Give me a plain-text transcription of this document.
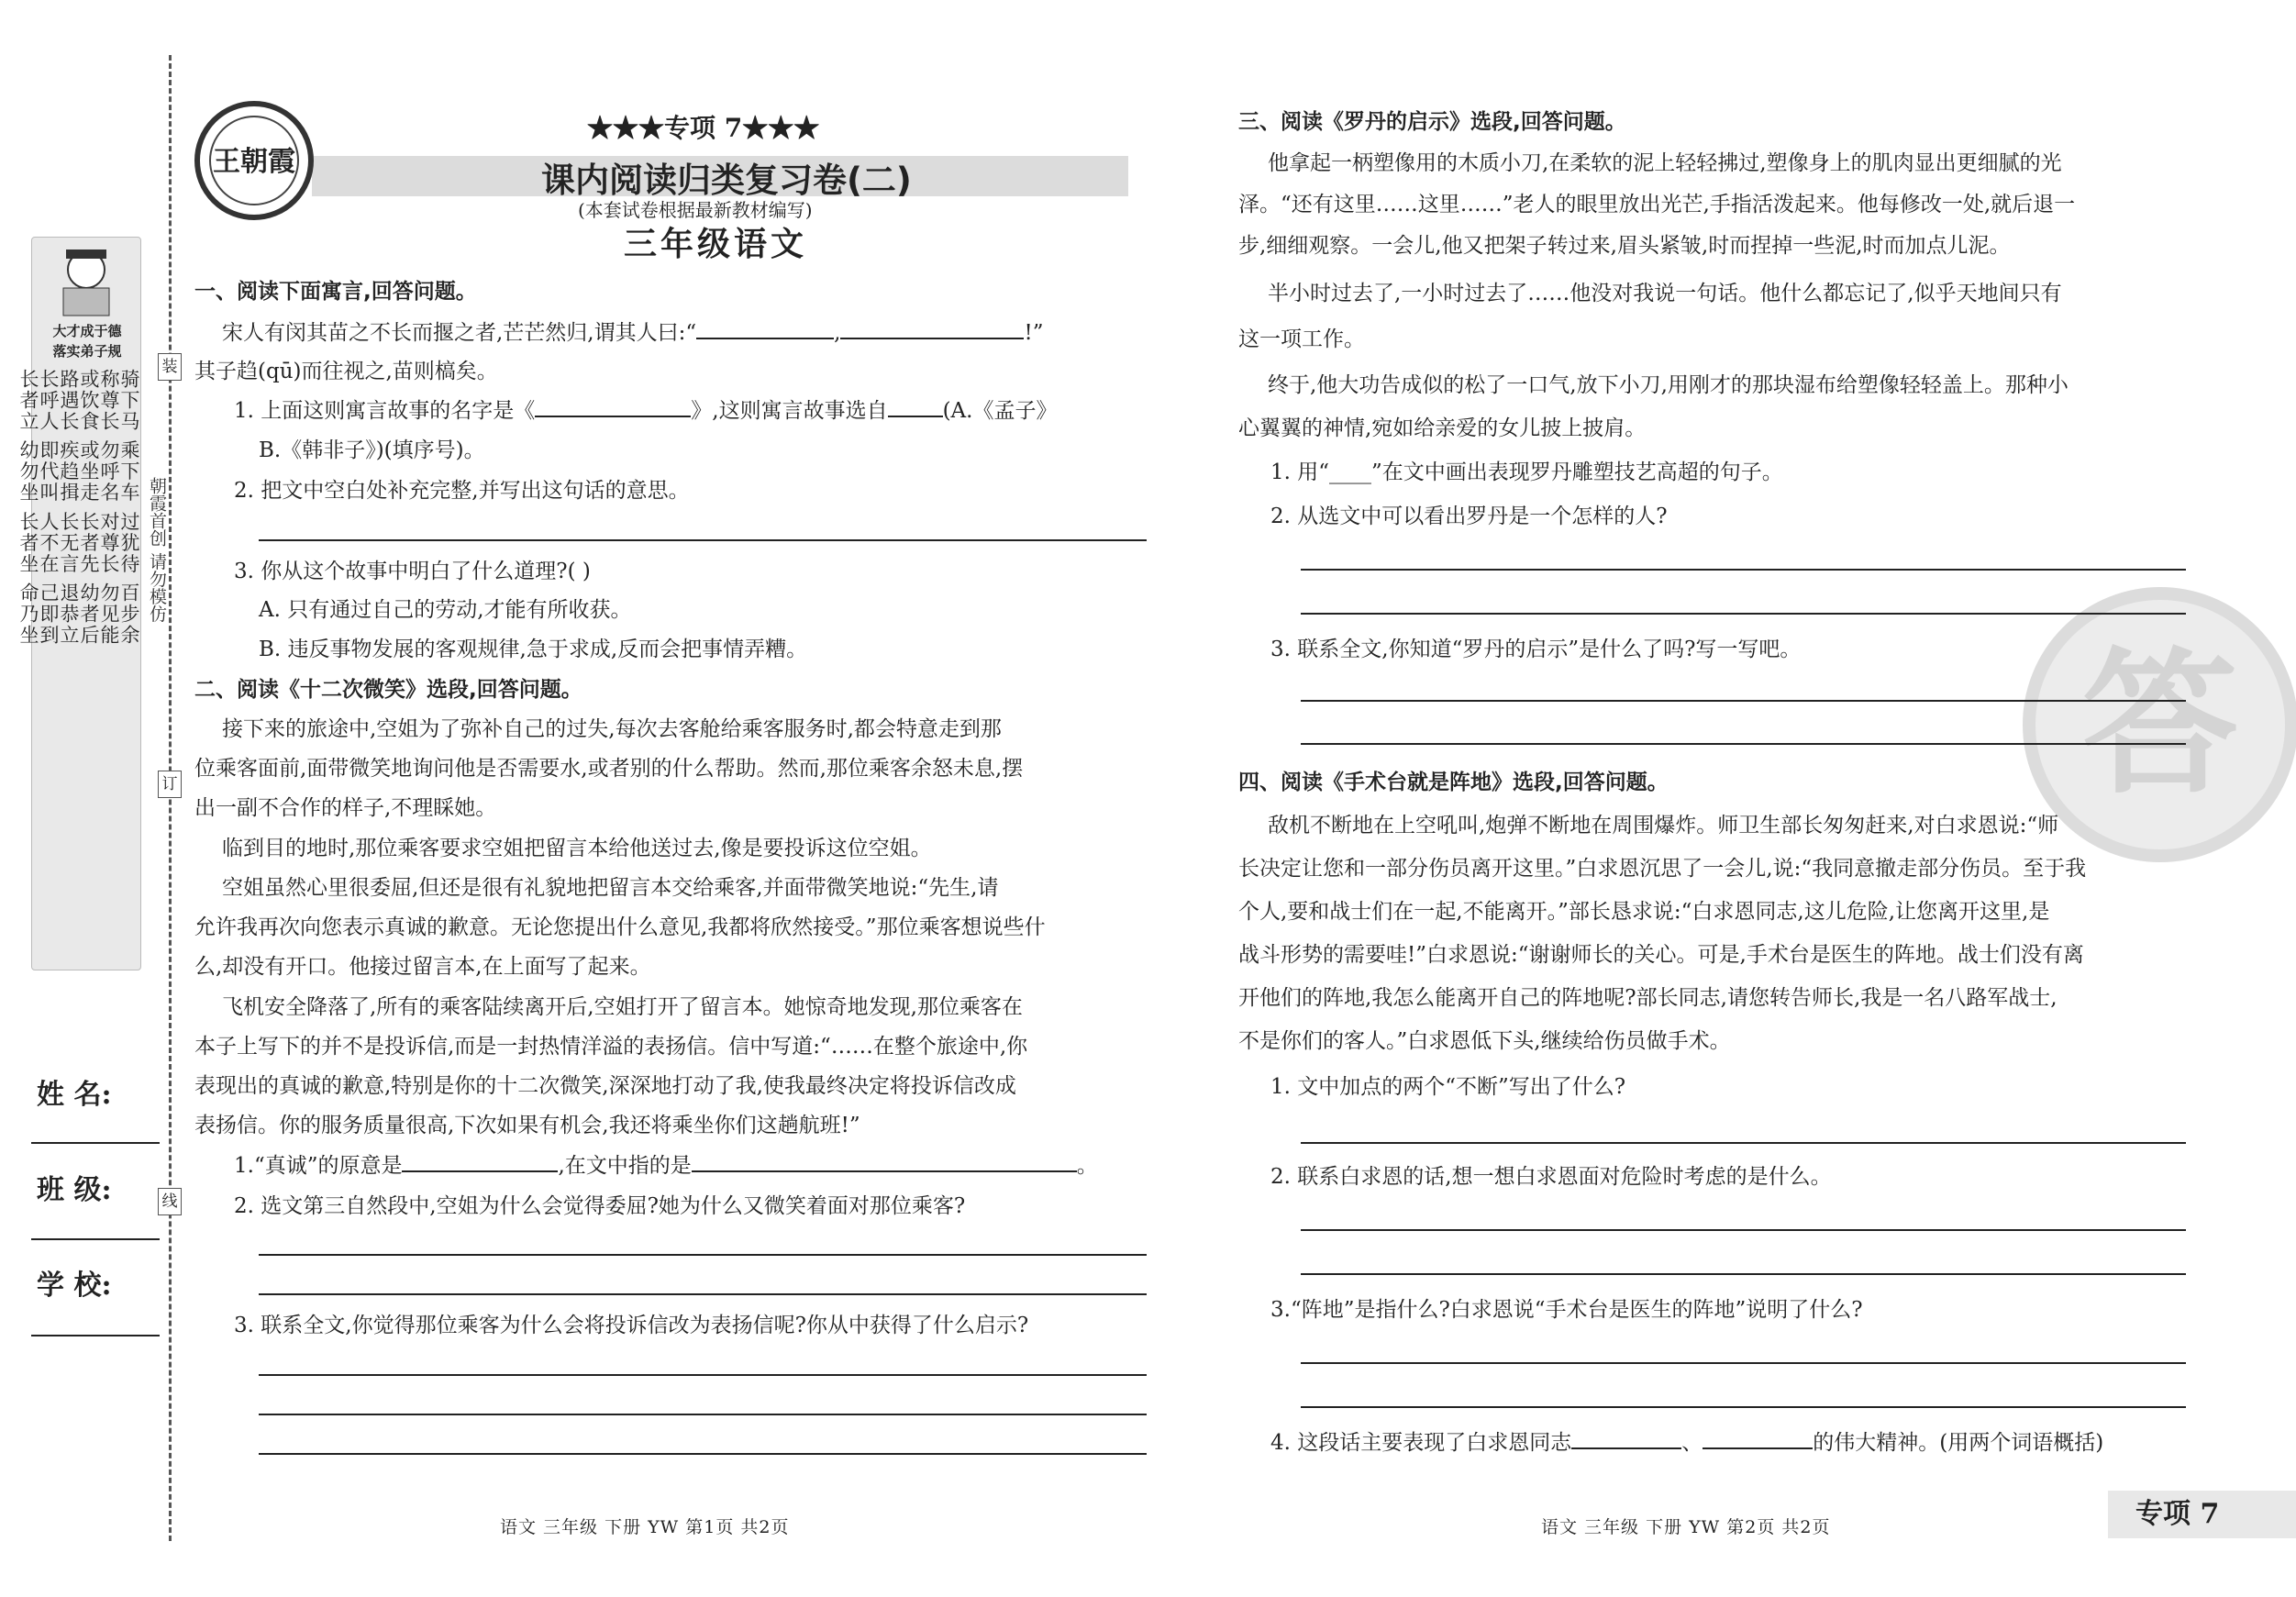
大才成于德
落实弟子规
骑下马 乘下车 过犹待 百步余
称尊长 勿呼名 对尊长 勿见能
或饮食 或坐走 长者先 幼者后
路遇长 疾趋揖 长无言 退恭立
长呼人 即代叫 人不在 己即到
长者立 幼勿坐 长者坐 命乃坐	朝霞首创 请勿模仿
装
订
线
姓 名:
班 级:
学 校:
王朝霞
★★★专项 7★★★
课内阅读归类复习卷(二)
(本套试卷根据最新教材编写)
三年级语文
一、阅读下面寓言,回答问题。
宋人有闵其苗之不长而揠之者,芒芒然归,谓其人曰:“	,	!”
其子趋(qū)而往视之,苗则槁矣。
1. 上面这则寓言故事的名字是《	》,这则寓言故事选自	(A.《孟子》
B.《韩非子》)(填序号)。
2. 把文中空白处补充完整,并写出这句话的意思。
3. 你从这个故事中明白了什么道理?( )
A. 只有通过自己的劳动,才能有所收获。
B. 违反事物发展的客观规律,急于求成,反而会把事情弄糟。
二、阅读《十二次微笑》选段,回答问题。
接下来的旅途中,空姐为了弥补自己的过失,每次去客舱给乘客服务时,都会特意走到那
位乘客面前,面带微笑地询问他是否需要水,或者别的什么帮助。然而,那位乘客余怒未息,摆
出一副不合作的样子,不理睬她。
临到目的地时,那位乘客要求空姐把留言本给他送过去,像是要投诉这位空姐。
空姐虽然心里很委屈,但还是很有礼貌地把留言本交给乘客,并面带微笑地说:“先生,请
允许我再次向您表示真诚的歉意。无论您提出什么意见,我都将欣然接受。”那位乘客想说些什
么,却没有开口。他接过留言本,在上面写了起来。
飞机安全降落了,所有的乘客陆续离开后,空姐打开了留言本。她惊奇地发现,那位乘客在
本子上写下的并不是投诉信,而是一封热情洋溢的表扬信。信中写道:“……在整个旅途中,你
表现出的真诚的歉意,特别是你的十二次微笑,深深地打动了我,使我最终决定将投诉信改成
表扬信。你的服务质量很高,下次如果有机会,我还将乘坐你们这趟航班!”
1.“真诚”的原意是	,在文中指的是	。
2. 选文第三自然段中,空姐为什么会觉得委屈?她为什么又微笑着面对那位乘客?
3. 联系全文,你觉得那位乘客为什么会将投诉信改为表扬信呢?你从中获得了什么启示?
语文 三年级 下册 YW 第1页 共2页
答
三、阅读《罗丹的启示》选段,回答问题。
他拿起一柄塑像用的木质小刀,在柔软的泥上轻轻拂过,塑像身上的肌肉显出更细腻的光
泽。“还有这里……这里……”老人的眼里放出光芒,手指活泼起来。他每修改一处,就后退一
步,细细观察。一会儿,他又把架子转过来,眉头紧皱,时而捏掉一些泥,时而加点儿泥。
半小时过去了,一小时过去了……他没对我说一句话。他什么都忘记了,似乎天地间只有
这一项工作。
终于,他大功告成似的松了一口气,放下小刀,用刚才的那块湿布给塑像轻轻盖上。那种小
心翼翼的神情,宛如给亲爱的女儿披上披肩。
1. 用“____”在文中画出表现罗丹雕塑技艺高超的句子。
2. 从选文中可以看出罗丹是一个怎样的人?
3. 联系全文,你知道“罗丹的启示”是什么了吗?写一写吧。
四、阅读《手术台就是阵地》选段,回答问题。
敌机不断地在上空吼叫,炮弹不断地在周围爆炸。师卫生部长匆匆赶来,对白求恩说:“师
长决定让您和一部分伤员离开这里。”白求恩沉思了一会儿,说:“我同意撤走部分伤员。至于我
个人,要和战士们在一起,不能离开。”部长恳求说:“白求恩同志,这儿危险,让您离开这里,是
战斗形势的需要哇!”白求恩说:“谢谢师长的关心。可是,手术台是医生的阵地。战士们没有离
开他们的阵地,我怎么能离开自己的阵地呢?部长同志,请您转告师长,我是一名八路军战士,
不是你们的客人。”白求恩低下头,继续给伤员做手术。
1. 文中加点的两个“不断”写出了什么?
2. 联系白求恩的话,想一想白求恩面对危险时考虑的是什么。
3.“阵地”是指什么?白求恩说“手术台是医生的阵地”说明了什么?
4. 这段话主要表现了白求恩同志	、	的伟大精神。(用两个词语概括)
语文 三年级 下册 YW 第2页 共2页	专项 7
